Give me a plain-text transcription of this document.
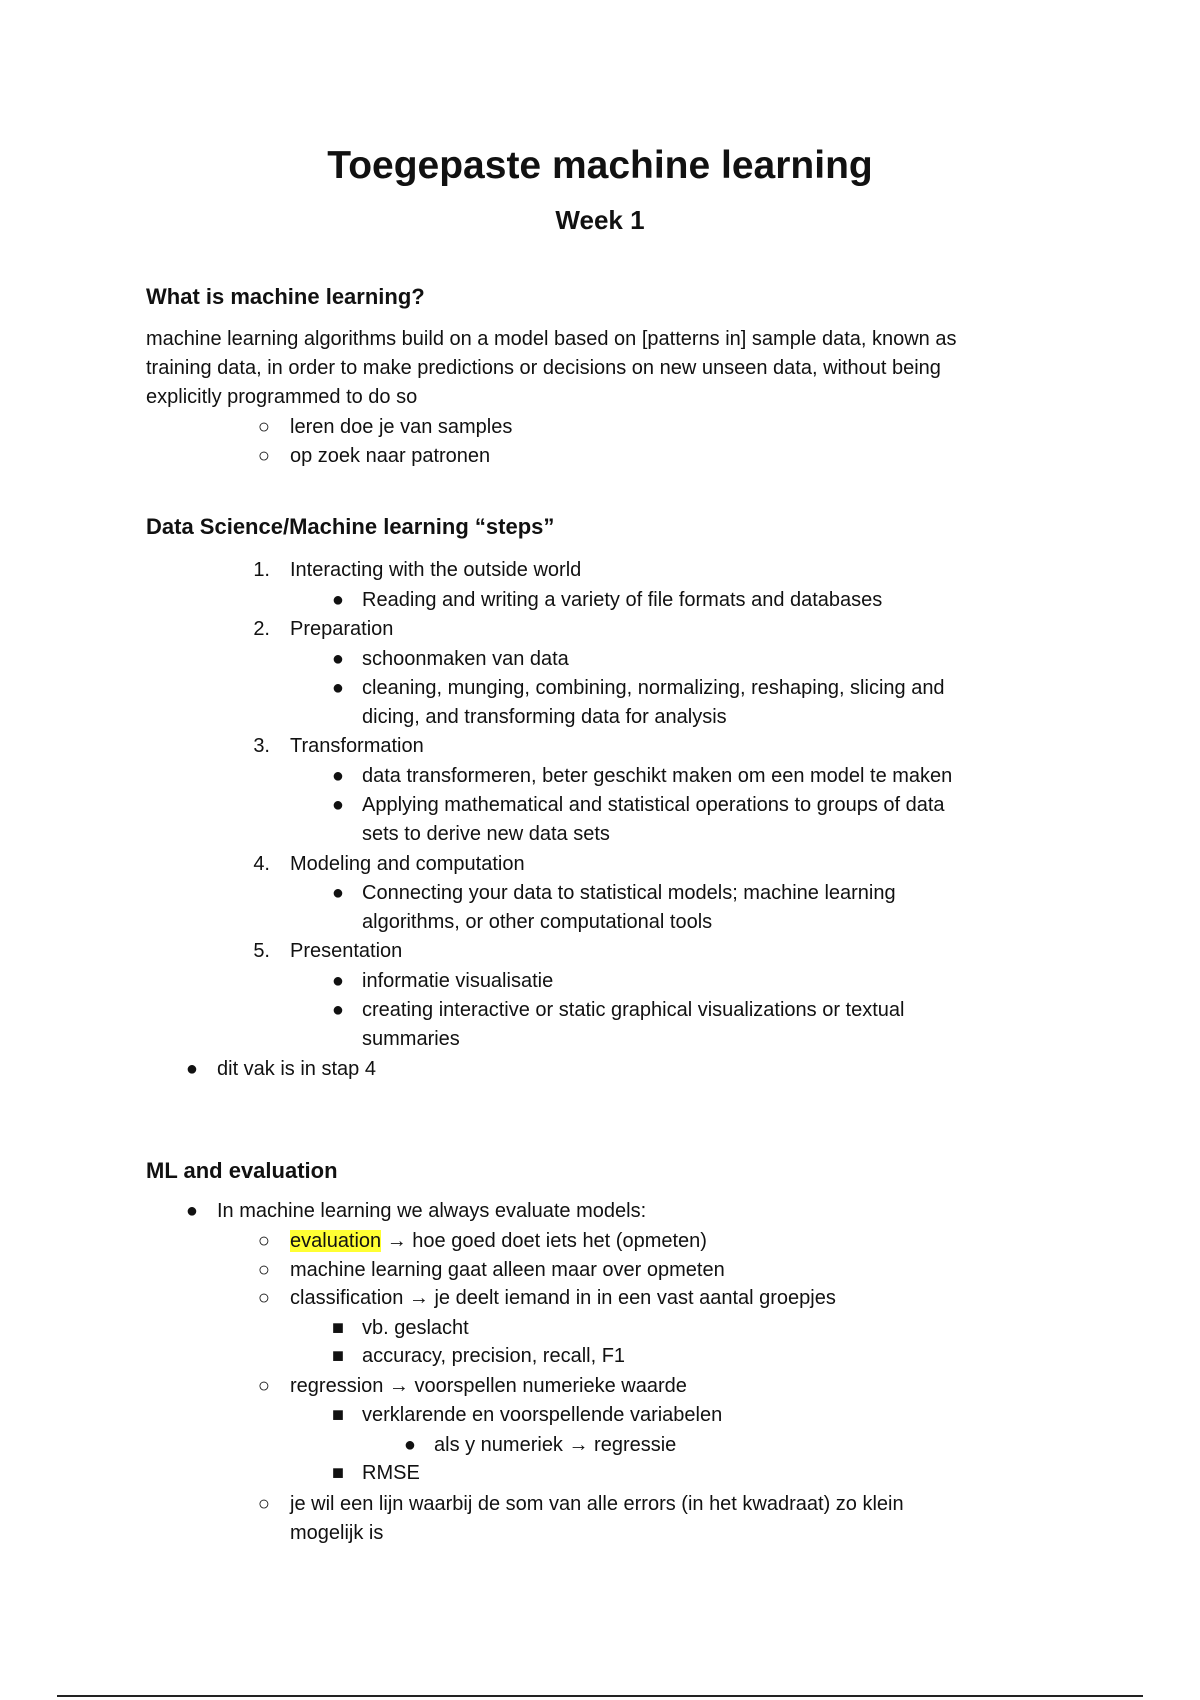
Toegepaste machine learning
Week 1
What is machine learning?
machine learning algorithms build on a model based on [patterns in] sample data, known as
training data, in order to make predictions or decisions on new unseen data, without being
explicitly programmed to do so
○ leren doe je van samples
○ op zoek naar patronen
Data Science/Machine learning “steps”
1. Interacting with the outside world
● Reading and writing a variety of file formats and databases
2. Preparation
● schoonmaken van data
● cleaning, munging, combining, normalizing, reshaping, slicing and
dicing, and transforming data for analysis
3. Transformation
● data transformeren, beter geschikt maken om een model te maken
● Applying mathematical and statistical operations to groups of data
sets to derive new data sets
4. Modeling and computation
● Connecting your data to statistical models; machine learning
algorithms, or other computational tools
5. Presentation
● informatie visualisatie
● creating interactive or static graphical visualizations or textual
summaries
● dit vak is in stap 4
ML and evaluation
● In machine learning we always evaluate models:
○ evaluation → hoe goed doet iets het (opmeten)
○ machine learning gaat alleen maar over opmeten
○ classification → je deelt iemand in in een vast aantal groepjes
■ vb. geslacht
■ accuracy, precision, recall, F1
○ regression → voorspellen numerieke waarde
■ verklarende en voorspellende variabelen
● als y numeriek → regressie
■ RMSE
○ je wil een lijn waarbij de som van alle errors (in het kwadraat) zo klein
mogelijk is
